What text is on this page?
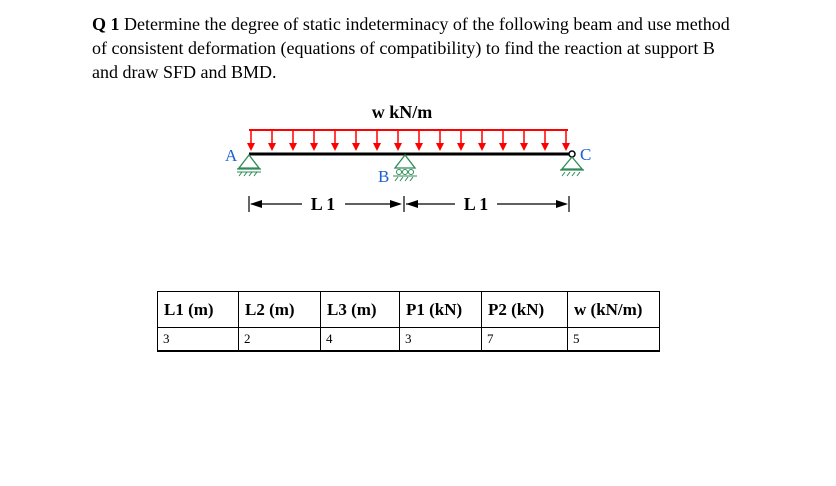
Q 1 Determine the degree of static indeterminacy of the following beam and use method of consistent deformation (equations of compatibility) to find the reaction at support B and draw SFD and BMD.
w kN/m
A
B
C
L 1	L 1
L1 (m)	L2 (m)	L3 (m)	P1 (kN)	P2 (kN)	w (kN/m)
3	2	4	3	7	5
